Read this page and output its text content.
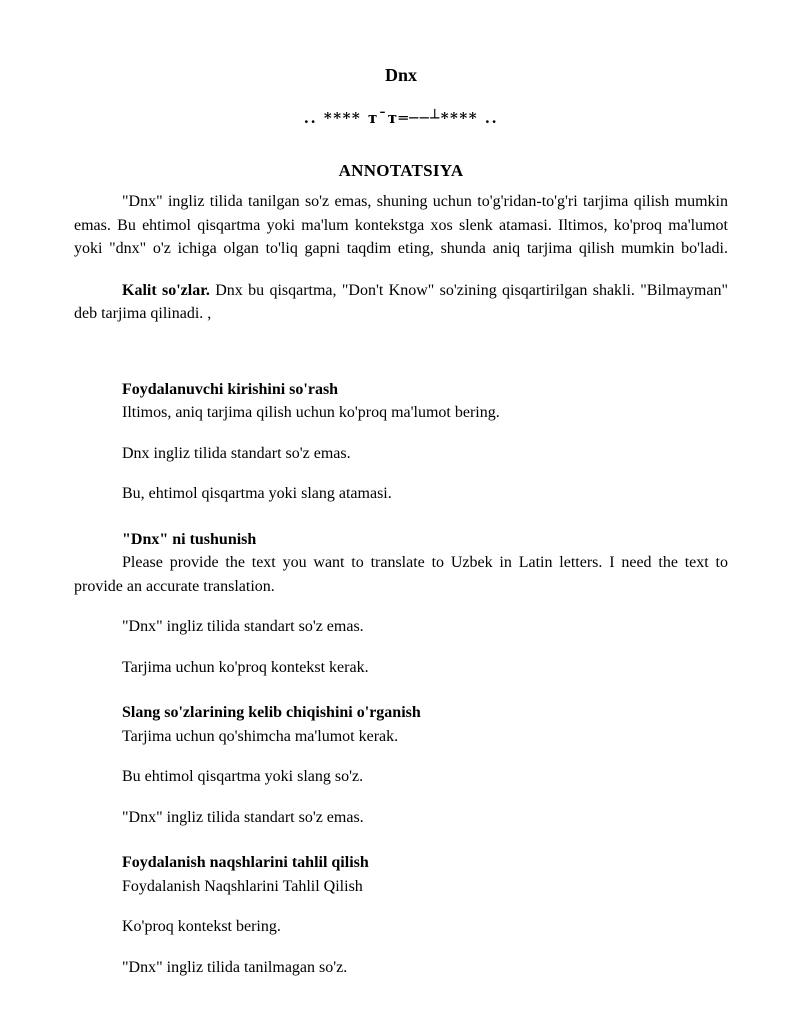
Dnx
.. **** т¯т═──┴**** ..
ANNOTATSIYA

"Dnx" ingliz tilida tanilgan so'z emas, shuning uchun to'g'ridan-to'g'ri tarjima qilish mumkin emas. Bu ehtimol qisqartma yoki ma'lum kontekstga xos slenk atamasi. Iltimos, ko'proq ma'lumot yoki "dnx" o'z ichiga olgan to'liq gapni taqdim eting, shunda aniq tarjima qilish mumkin bo'ladi.

Kalit so'zlar. Dnx bu qisqartma, "Don't Know" so'zining qisqartirilgan shakli. "Bilmayman" deb tarjima qilinadi. ,

Foydalanuvchi kirishini so'rash

Iltimos, aniq tarjima qilish uchun ko'proq ma'lumot bering.

Dnx ingliz tilida standart so'z emas.

Bu, ehtimol qisqartma yoki slang atamasi.

"Dnx" ni tushunish

Please provide the text you want to translate to Uzbek in Latin letters. I need the text to provide an accurate translation.

"Dnx" ingliz tilida standart so'z emas.

Tarjima uchun ko'proq kontekst kerak.

Slang so'zlarining kelib chiqishini o'rganish

Tarjima uchun qo'shimcha ma'lumot kerak.

Bu ehtimol qisqartma yoki slang so'z.

"Dnx" ingliz tilida standart so'z emas.

Foydalanish naqshlarini tahlil qilish

Foydalanish Naqshlarini Tahlil Qilish

Ko'proq kontekst bering.

"Dnx" ingliz tilida tanilmagan so'z.
